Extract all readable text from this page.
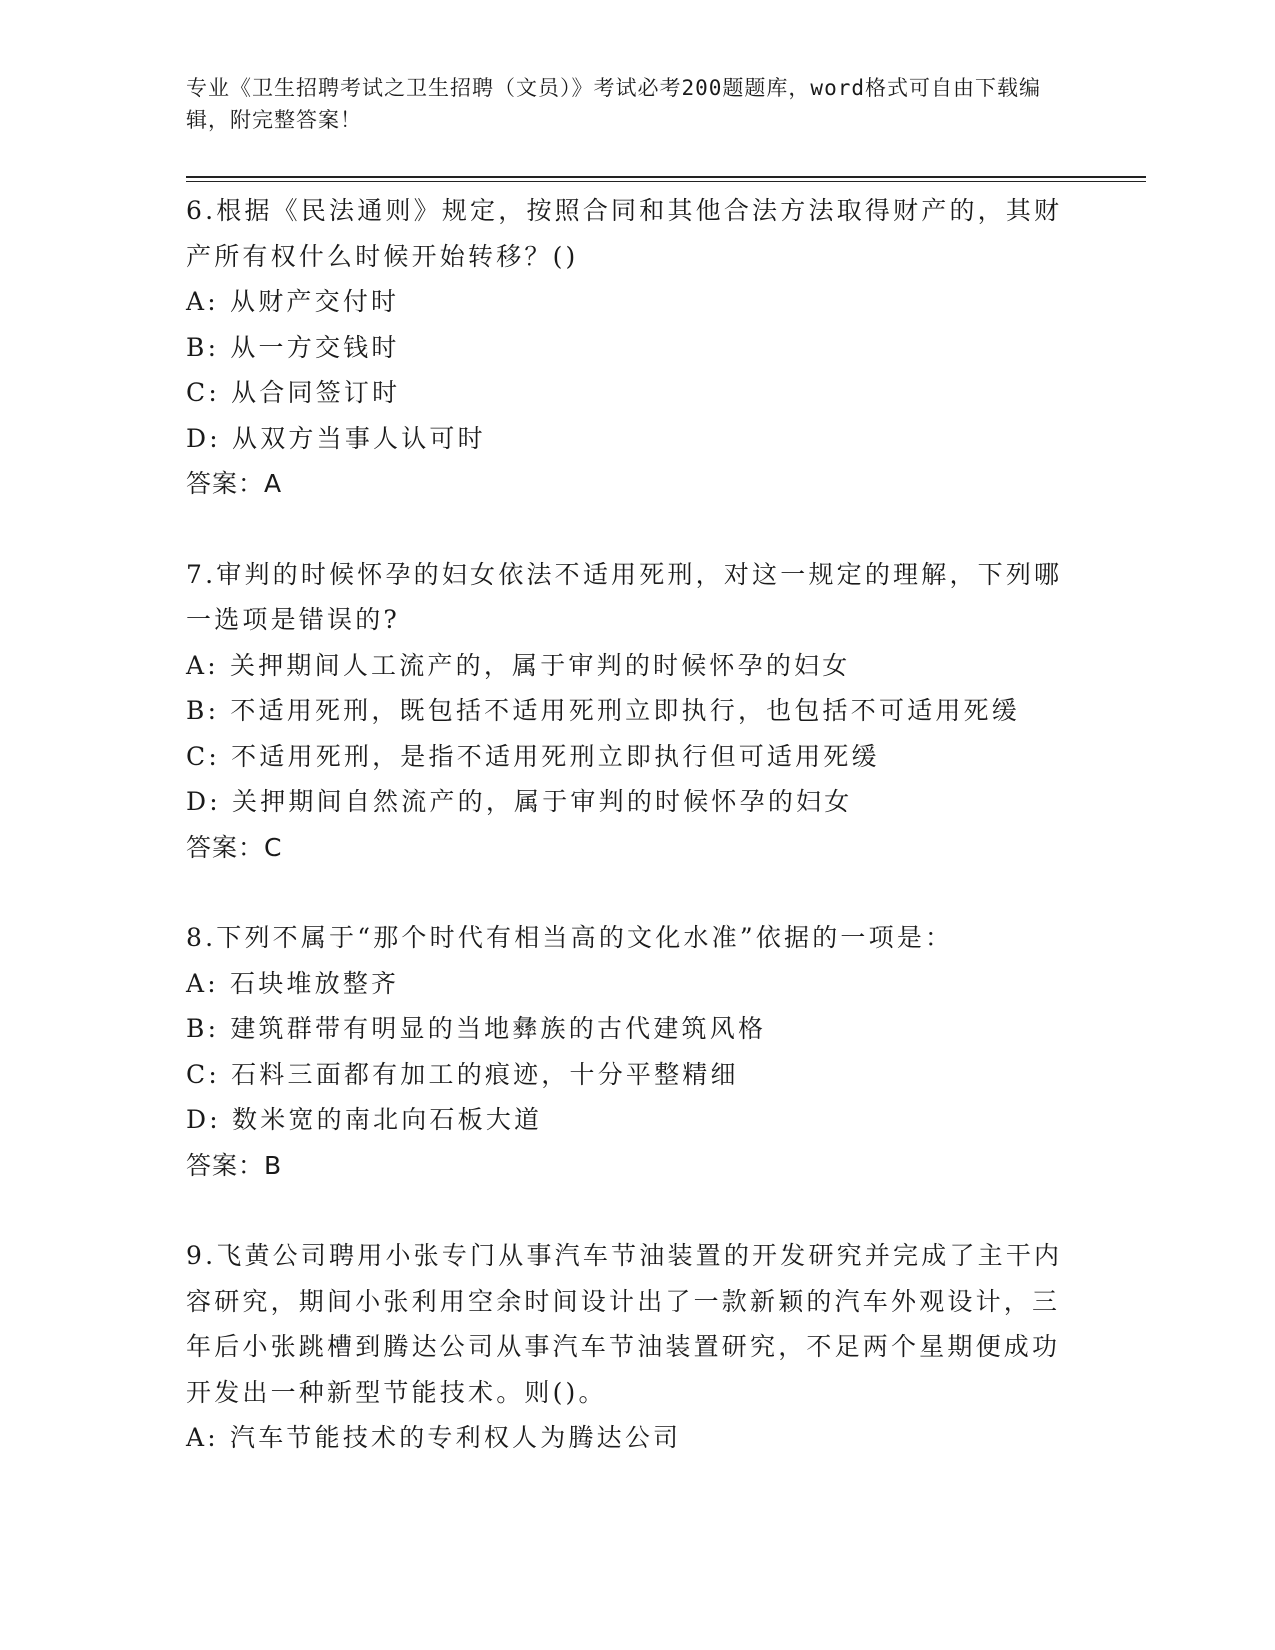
专业《卫生招聘考试之卫生招聘（文员）》考试必考200题题库，word格式可自由下载编辑，附完整答案！
6.根据《民法通则》规定，按照合同和其他合法方法取得财产的，其财产所有权什么时候开始转移？()
A: 从财产交付时
B: 从一方交钱时
C: 从合同签订时
D: 从双方当事人认可时
答案：A
7.审判的时候怀孕的妇女依法不适用死刑，对这一规定的理解，下列哪一选项是错误的?
A: 关押期间人工流产的，属于审判的时候怀孕的妇女
B: 不适用死刑，既包括不适用死刑立即执行，也包括不可适用死缓
C: 不适用死刑，是指不适用死刑立即执行但可适用死缓
D: 关押期间自然流产的，属于审判的时候怀孕的妇女
答案：C
8.下列不属于“那个时代有相当高的文化水准”依据的一项是：
A: 石块堆放整齐
B: 建筑群带有明显的当地彝族的古代建筑风格
C: 石料三面都有加工的痕迹，十分平整精细
D: 数米宽的南北向石板大道
答案：B
9.飞黄公司聘用小张专门从事汽车节油装置的开发研究并完成了主干内容研究，期间小张利用空余时间设计出了一款新颖的汽车外观设计，三年后小张跳槽到腾达公司从事汽车节油装置研究，不足两个星期便成功开发出一种新型节能技术。则()。
A: 汽车节能技术的专利权人为腾达公司
